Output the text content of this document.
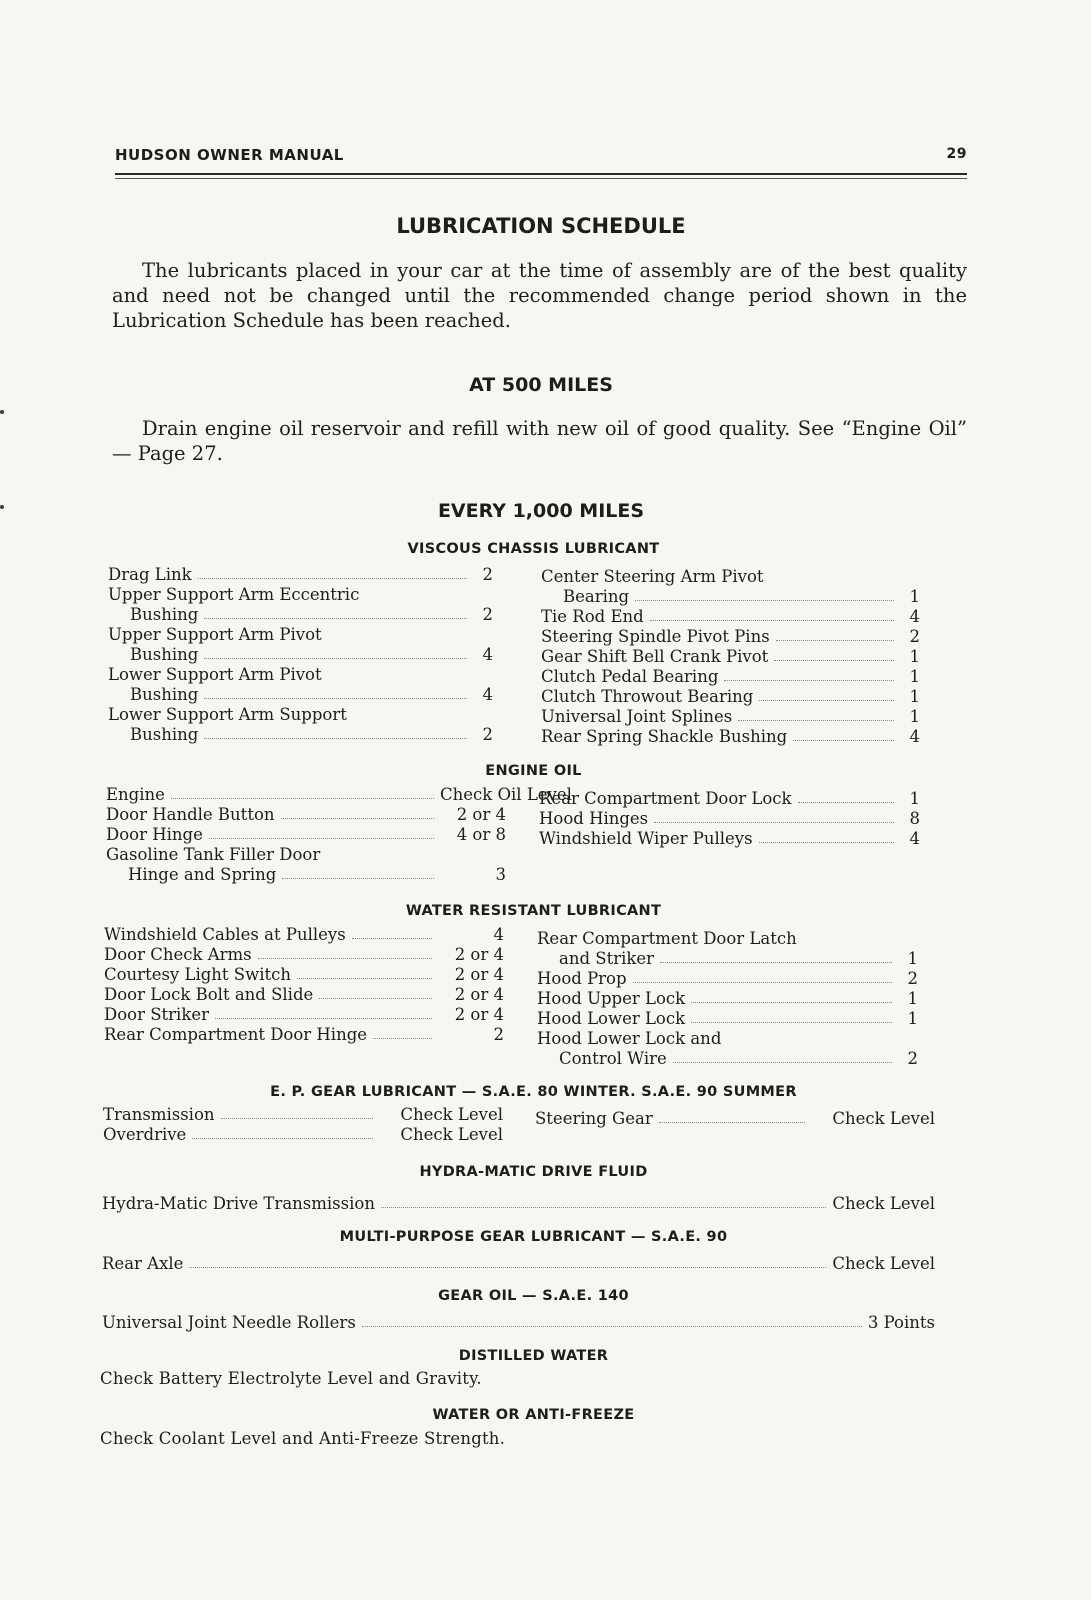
HUDSON OWNER MANUAL	29
LUBRICATION SCHEDULE

The lubricants placed in your car at the time of assembly are of the best quality and need not be changed until the recommended change period shown in the Lubrication Schedule has been reached.

AT 500 MILES

Drain engine oil reservoir and refill with new oil of good quality. See “Engine Oil” — Page 27.

EVERY 1,000 MILES
VISCOUS CHASSIS LUBRICANT
Drag Link	2
Upper Support Arm Eccentric
Bushing	2
Upper Support Arm Pivot
Bushing	4
Lower Support Arm Pivot
Bushing	4
Lower Support Arm Support
Bushing	2
Center Steering Arm Pivot
Bearing	1
Tie Rod End	4
Steering Spindle Pivot Pins	2
Gear Shift Bell Crank Pivot	1
Clutch Pedal Bearing	1
Clutch Throwout Bearing	1
Universal Joint Splines	1
Rear Spring Shackle Bushing	4
ENGINE OIL
Engine	Check Oil Level
Door Handle Button	2 or 4
Door Hinge	4 or 8
Gasoline Tank Filler Door
Hinge and Spring	3
Rear Compartment Door Lock	1
Hood Hinges	8
Windshield Wiper Pulleys	4
WATER RESISTANT LUBRICANT
Windshield Cables at Pulleys	4
Door Check Arms	2 or 4
Courtesy Light Switch	2 or 4
Door Lock Bolt and Slide	2 or 4
Door Striker	2 or 4
Rear Compartment Door Hinge	2
Rear Compartment Door Latch
and Striker	1
Hood Prop	2
Hood Upper Lock	1
Hood Lower Lock	1
Hood Lower Lock and
Control Wire	2
E. P. GEAR LUBRICANT — S.A.E. 80 WINTER. S.A.E. 90 SUMMER
Transmission	Check Level
Overdrive	Check Level
Steering Gear	Check Level
HYDRA-MATIC DRIVE FLUID
Hydra-Matic Drive Transmission	Check Level
MULTI-PURPOSE GEAR LUBRICANT — S.A.E. 90
Rear Axle	Check Level
GEAR OIL — S.A.E. 140
Universal Joint Needle Rollers	3 Points
DISTILLED WATER
Check Battery Electrolyte Level and Gravity.
WATER OR ANTI-FREEZE
Check Coolant Level and Anti-Freeze Strength.
